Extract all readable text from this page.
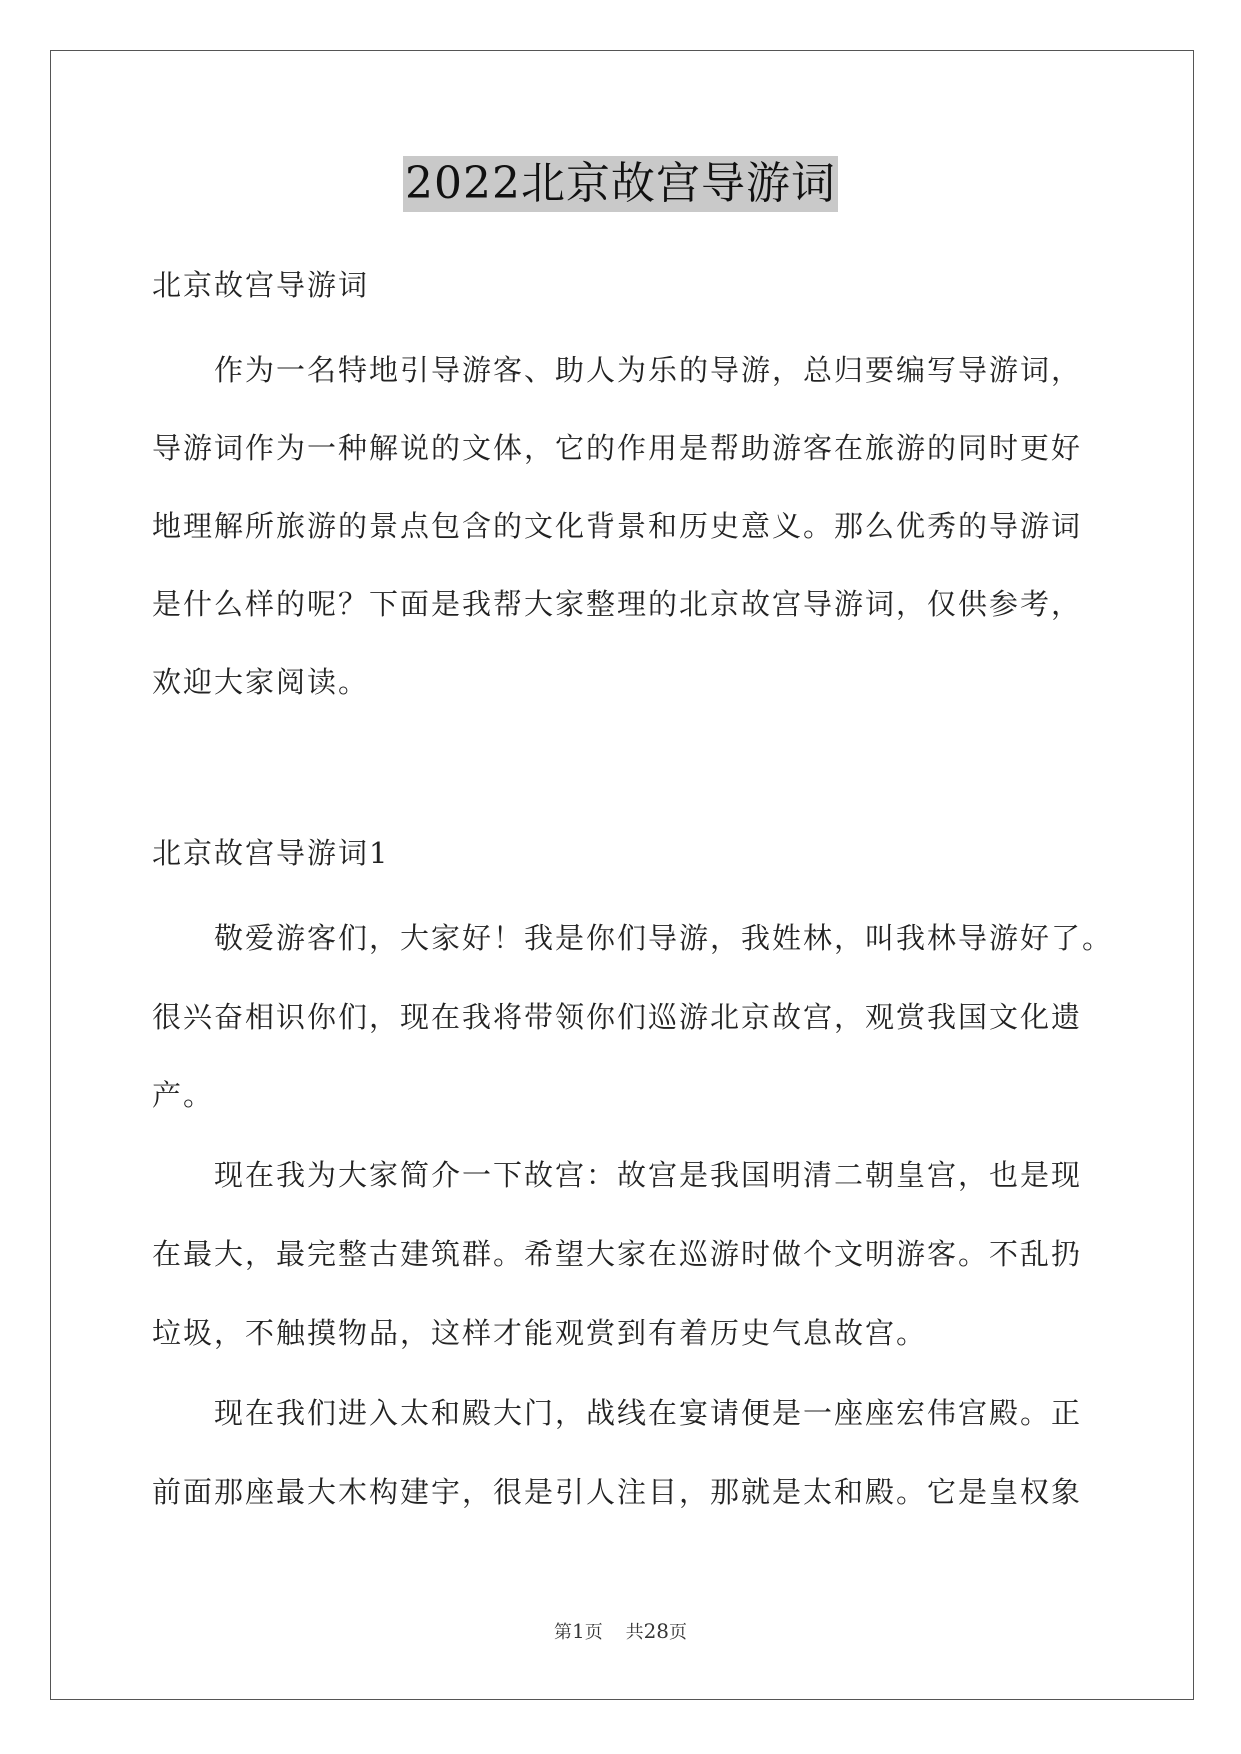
2022北京故宫导游词
北京故宫导游词
　　作为一名特地引导游客、助人为乐的导游，总归要编写导游词，
导游词作为一种解说的文体，它的作用是帮助游客在旅游的同时更好
地理解所旅游的景点包含的文化背景和历史意义。那么优秀的导游词
是什么样的呢？下面是我帮大家整理的北京故宫导游词，仅供参考，
欢迎大家阅读。
北京故宫导游词1
　　敬爱游客们，大家好！我是你们导游，我姓林，叫我林导游好了。
很兴奋相识你们，现在我将带领你们巡游北京故宫，观赏我国文化遗
产。
　　现在我为大家简介一下故宫：故宫是我国明清二朝皇宫，也是现
在最大，最完整古建筑群。希望大家在巡游时做个文明游客。不乱扔
垃圾，不触摸物品，这样才能观赏到有着历史气息故宫。
　　现在我们进入太和殿大门，战线在宴请便是一座座宏伟宫殿。正
前面那座最大木构建宇，很是引人注目，那就是太和殿。它是皇权象
第1页 共28页
